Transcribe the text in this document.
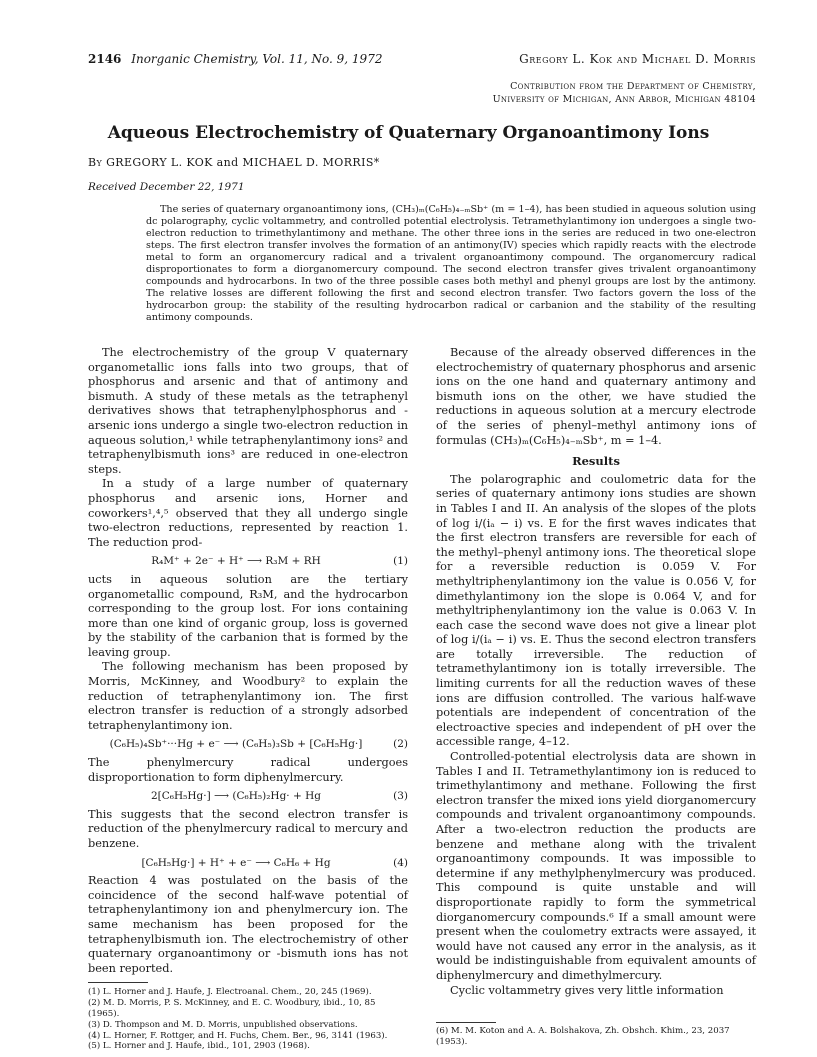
2146 Inorganic Chemistry, Vol. 11, No. 9, 1972	Gregory L. Kok and Michael D. Morris
Contribution from the Department of Chemistry,
University of Michigan, Ann Arbor, Michigan 48104
Aqueous Electrochemistry of Quaternary Organoantimony Ions
By GREGORY L. KOK and MICHAEL D. MORRIS*
Received December 22, 1971

The series of quaternary organoantimony ions, (CH₃)ₘ(C₆H₅)₄₋ₘSb⁺ (m = 1–4), has been studied in aqueous solution using dc polarography, cyclic voltammetry, and controlled potential electrolysis. Tetramethylantimony ion undergoes a single two-electron reduction to trimethylantimony and methane. The other three ions in the series are reduced in two one-electron steps. The first electron transfer involves the formation of an antimony(IV) species which rapidly reacts with the electrode metal to form an organomercury radical and a trivalent organoantimony compound. The organomercury radical disproportionates to form a diorganomercury compound. The second electron transfer gives trivalent organoantimony compounds and hydrocarbons. In two of the three possible cases both methyl and phenyl groups are lost by the antimony. The relative losses are different following the first and second electron transfer. Two factors govern the loss of the hydrocarbon group: the stability of the resulting hydrocarbon radical or carbanion and the stability of the resulting antimony compounds.

The electrochemistry of the group V quaternary organometallic ions falls into two groups, that of phosphorus and arsenic and that of antimony and bismuth. A study of these metals as the tetraphenyl derivatives shows that tetraphenylphosphorus and -arsenic ions undergo a single two-electron reduction in aqueous solution,¹ while tetraphenylantimony ions² and tetraphenylbismuth ions³ are reduced in one-electron steps.

In a study of a large number of quaternary phosphorus and arsenic ions, Horner and coworkers¹,⁴,⁵ observed that they all undergo single two-electron reductions, represented by reaction 1. The reduction prod-

R₄M⁺ + 2e⁻ + H⁺ ⟶ R₃M + RH	(1)

ucts in aqueous solution are the tertiary organometallic compound, R₃M, and the hydrocarbon corresponding to the group lost. For ions containing more than one kind of organic group, loss is governed by the stability of the carbanion that is formed by the leaving group.

The following mechanism has been proposed by Morris, McKinney, and Woodbury² to explain the reduction of tetraphenylantimony ion. The first electron transfer is reduction of a strongly adsorbed tetraphenylantimony ion.

(C₆H₅)₄Sb⁺···Hg + e⁻ ⟶ (C₆H₅)₃Sb + [C₆H₅Hg·]	(2)

The phenylmercury radical undergoes disproportionation to form diphenylmercury.

2[C₆H₅Hg·] ⟶ (C₆H₅)₂Hg· + Hg	(3)

This suggests that the second electron transfer is reduction of the phenylmercury radical to mercury and benzene.

[C₆H₅Hg·] + H⁺ + e⁻ ⟶ C₆H₆ + Hg	(4)

Reaction 4 was postulated on the basis of the coincidence of the second half-wave potential of tetraphenylantimony ion and phenylmercury ion. The same mechanism has been proposed for the tetraphenylbismuth ion. The electrochemistry of other quaternary organoantimony or -bismuth ions has not been reported.

(1) L. Horner and J. Haufe, J. Electroanal. Chem., 20, 245 (1969).
(2) M. D. Morris, P. S. McKinney, and E. C. Woodbury, ibid., 10, 85 (1965).
(3) D. Thompson and M. D. Morris, unpublished observations.
(4) L. Horner, F. Rottger, and H. Fuchs, Chem. Ber., 96, 3141 (1963).
(5) L. Horner and J. Haufe, ibid., 101, 2903 (1968).

Because of the already observed differences in the electrochemistry of quaternary phosphorus and arsenic ions on the one hand and quaternary antimony and bismuth ions on the other, we have studied the reductions in aqueous solution at a mercury electrode of the series of phenyl–methyl antimony ions of formulas (CH₃)ₘ(C₆H₅)₄₋ₘSb⁺, m = 1–4.

Results

The polarographic and coulometric data for the series of quaternary antimony ions studies are shown in Tables I and II. An analysis of the slopes of the plots of log i/(iₐ − i) vs. E for the first waves indicates that the first electron transfers are reversible for each of the methyl–phenyl antimony ions. The theoretical slope for a reversible reduction is 0.059 V. For methyltriphenylantimony ion the value is 0.056 V, for dimethylantimony ion the slope is 0.064 V, and for methyltriphenylantimony ion the value is 0.063 V. In each case the second wave does not give a linear plot of log i/(iₐ − i) vs. E. Thus the second electron transfers are totally irreversible. The reduction of tetramethylantimony ion is totally irreversible. The limiting currents for all the reduction waves of these ions are diffusion controlled. The various half-wave potentials are independent of concentration of the electroactive species and independent of pH over the accessible range, 4–12.

Controlled-potential electrolysis data are shown in Tables I and II. Tetramethylantimony ion is reduced to trimethylantimony and methane. Following the first electron transfer the mixed ions yield diorganomercury compounds and trivalent organoantimony compounds. After a two-electron reduction the products are benzene and methane along with the trivalent organoantimony compounds. It was impossible to determine if any methylphenylmercury was produced. This compound is quite unstable and will disproportionate rapidly to form the symmetrical diorganomercury compounds.⁶ If a small amount were present when the coulometry extracts were assayed, it would have not caused any error in the analysis, as it would be indistinguishable from equivalent amounts of diphenylmercury and dimethylmercury.

Cyclic voltammetry gives very little information

(6) M. M. Koton and A. A. Bolshakova, Zh. Obshch. Khim., 23, 2037 (1953).
